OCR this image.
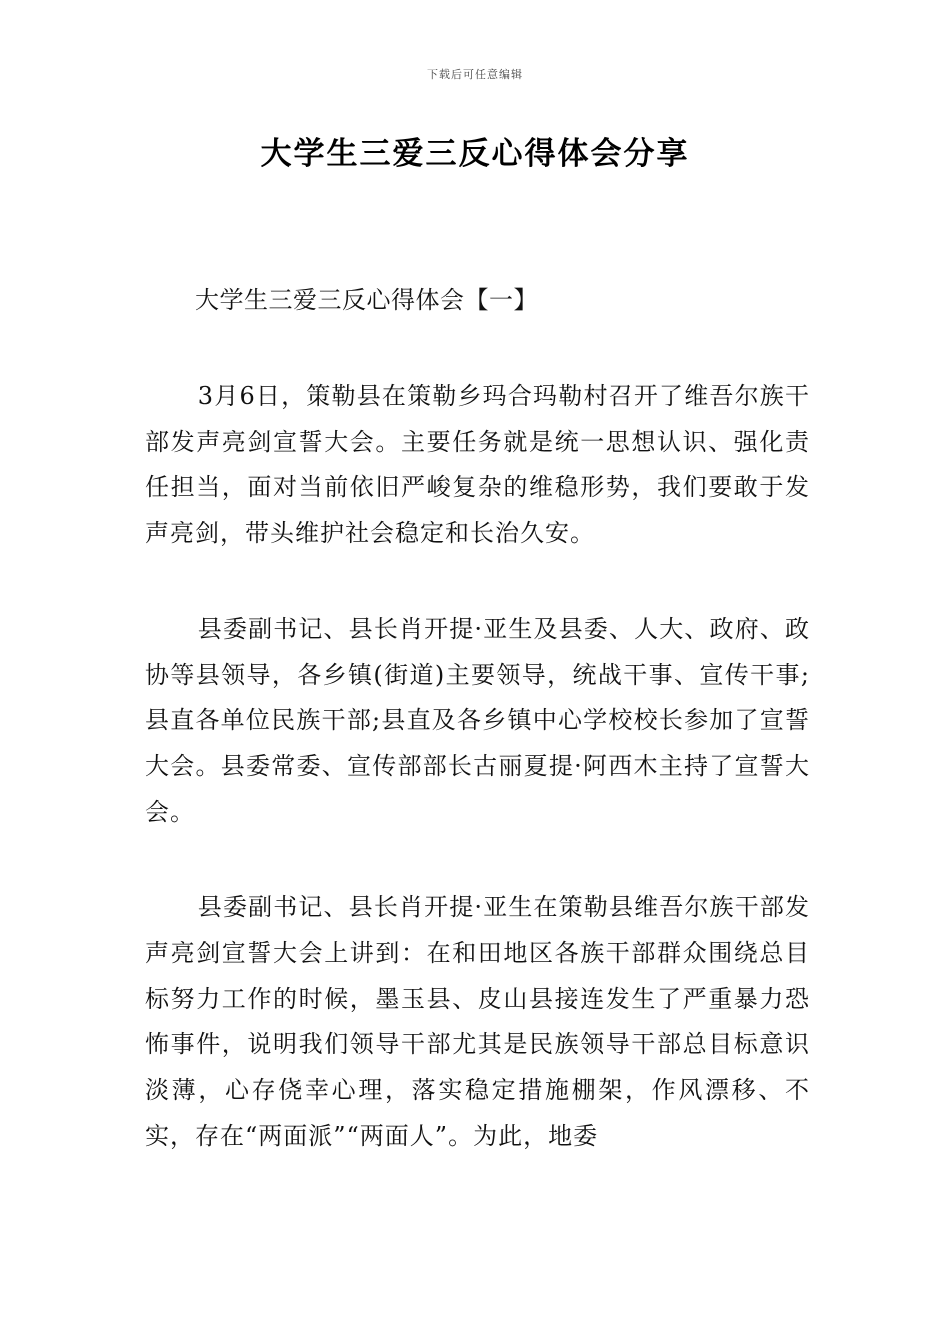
下载后可任意编辑
大学生三爱三反心得体会分享

大学生三爱三反心得体会【一】

3月6日，策勒县在策勒乡玛合玛勒村召开了维吾尔族干部发声亮剑宣誓大会。主要任务就是统一思想认识、强化责任担当，面对当前依旧严峻复杂的维稳形势，我们要敢于发声亮剑，带头维护社会稳定和长治久安。

县委副书记、县长肖开提·亚生及县委、人大、政府、政协等县领导，各乡镇(街道)主要领导，统战干事、宣传干事;县直各单位民族干部;县直及各乡镇中心学校校长参加了宣誓大会。县委常委、宣传部部长古丽夏提·阿西木主持了宣誓大会。

县委副书记、县长肖开提·亚生在策勒县维吾尔族干部发声亮剑宣誓大会上讲到：在和田地区各族干部群众围绕总目标努力工作的时候，墨玉县、皮山县接连发生了严重暴力恐怖事件，说明我们领导干部尤其是民族领导干部总目标意识淡薄，心存侥幸心理，落实稳定措施棚架，作风漂移、不实，存在“两面派”“两面人”。为此，地委
